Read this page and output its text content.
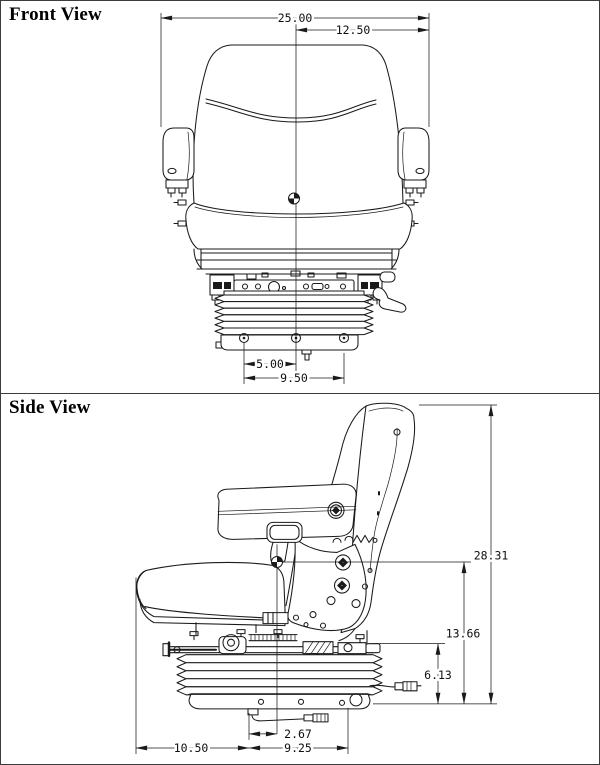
Front View	25.00
12.50
5.00
9.50
Side View
28.31
13.66
6.13
2.67
9.25
10.50
